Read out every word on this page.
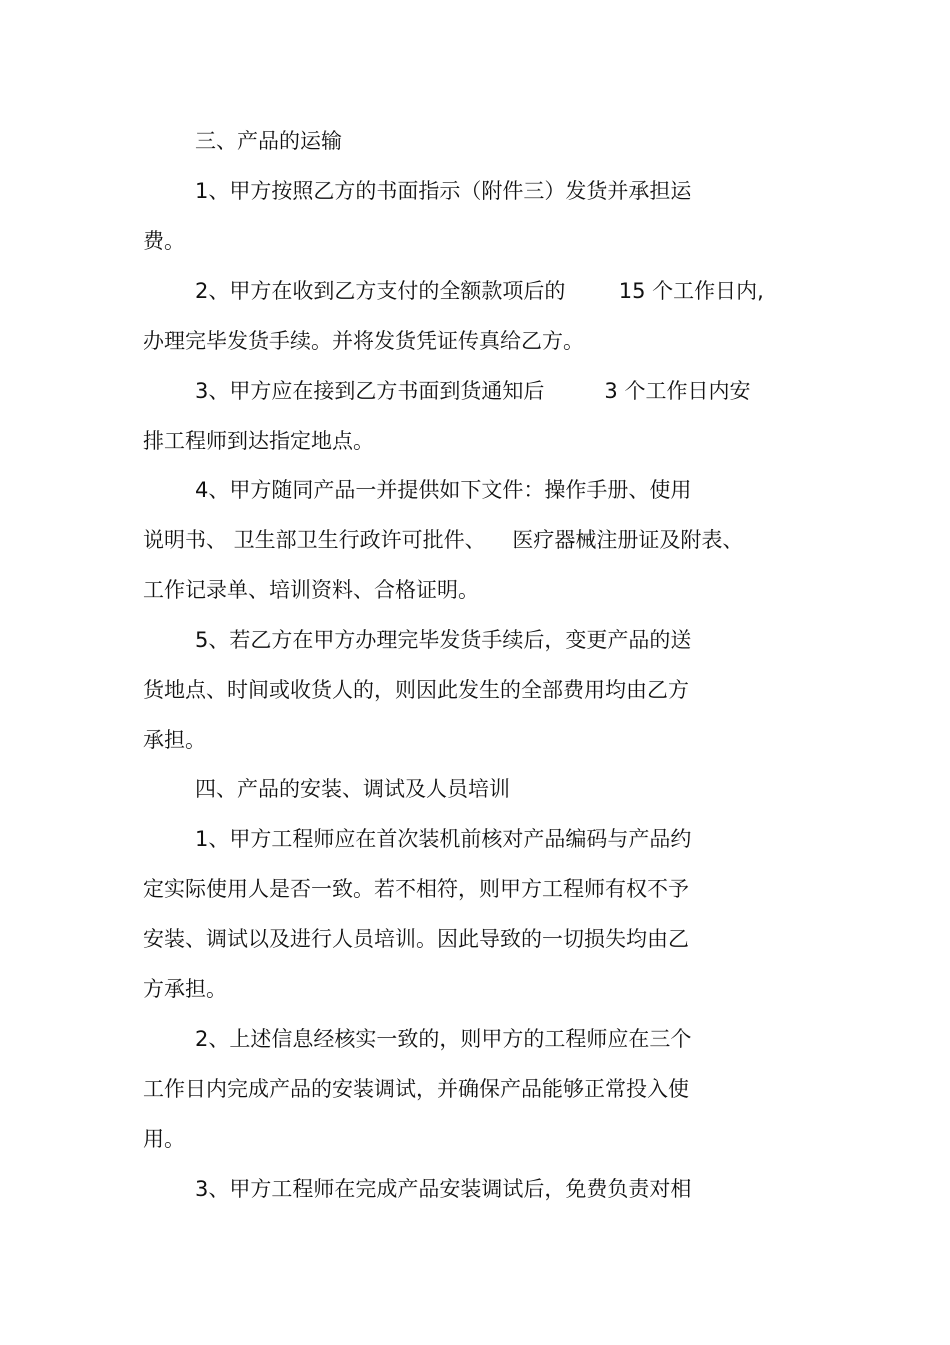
三、产品的运输
1、甲方按照乙方的书面指示（附件三）发货并承担运
费。
2、甲方在收到乙方支付的全额款项后的        15 个工作日内,
办理完毕发货手续。并将发货凭证传真给乙方。
3、甲方应在接到乙方书面到货通知后         3 个工作日内安
排工程师到达指定地点。
4、甲方随同产品一并提供如下文件：操作手册、使用
说明书、 卫生部卫生行政许可批件、    医疗器械注册证及附表、
工作记录单、培训资料、合格证明。
5、若乙方在甲方办理完毕发货手续后，变更产品的送
货地点、时间或收货人的，则因此发生的全部费用均由乙方
承担。
四、产品的安装、调试及人员培训
1、甲方工程师应在首次装机前核对产品编码与产品约
定实际使用人是否一致。若不相符，则甲方工程师有权不予
安装、调试以及进行人员培训。因此导致的一切损失均由乙
方承担。
2、上述信息经核实一致的，则甲方的工程师应在三个
工作日内完成产品的安装调试，并确保产品能够正常投入使
用。
3、甲方工程师在完成产品安装调试后，免费负责对相
